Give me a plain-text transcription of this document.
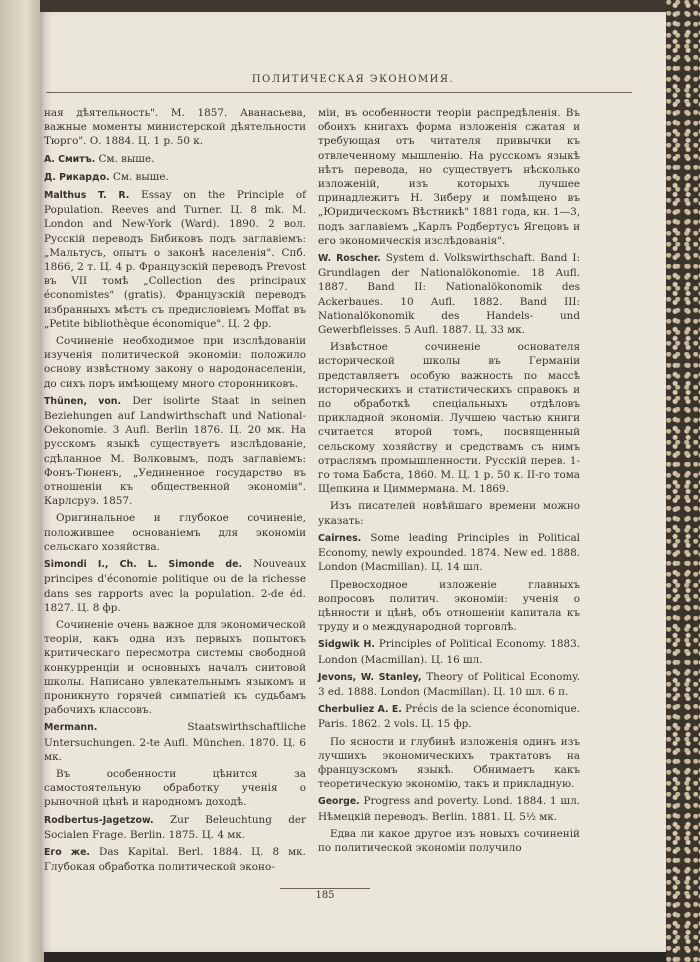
ПОЛИТИЧЕСКАЯ ЭКОНОМИЯ.
ная дѣятельность". М. 1857. Аванасьева, важные моменты министерской дѣятельности Тюрго". О. 1884. Ц. 1 р. 50 к.
А. Смитъ. См. выше.
Д. Рикардо. См. выше.
Malthus T. R. Essay on the Principle of Population. Reeves and Turner. Ц. 8 mk. M. London and New-York (Ward). 1890. 2 вол. Русскій переводъ Бибиковъ подъ заглавіемъ: „Мальтусъ, опытъ о законѣ населенія". Спб. 1866, 2 т. Ц. 4 р. Французскій переводъ Prevost въ VII томѣ „Collection des principaux économistes" (gratis). Французскій переводъ избранныхъ мѣстъ съ предисловіемъ Moffat въ „Petite bibliothèque économique". Ц. 2 фр.
Сочиненіе необходимое при изслѣдованіи изученія политической экономіи: положило основу извѣстному закону о народонаселеніи, до сихъ поръ имѣющему много сторонниковъ.
Thünen, von. Der isolirte Staat in seinen Beziehungen auf Landwirthschaft und National-Oekonomie. 3 Aufl. Berlin 1876. Ц. 20 мк. На русскомъ языкѣ существуетъ изслѣдованіе, сдѣланное М. Волковымъ, подъ заглавіемъ: Фонъ-Тюненъ, „Уединенное государство въ отношеніи къ общественной экономіи". Карлсруэ. 1857.
Оригинальное и глубокое сочиненіе, положившее основаніемъ для экономіи сельскаго хозяйства.
Simondi I., Ch. L. Simonde de. Nouveaux principes d'économie politique ou de la richesse dans ses rapports avec la population. 2-de éd. 1827. Ц. 8 фр.
Сочиненіе очень важное для экономической теоріи, какъ одна изъ первыхъ попытокъ критическаго пересмотра системы свободной конкурренціи и основныхъ началъ сиитовой школы. Написано увлекательнымъ языкомъ и проникнуто горячей симпатіей къ судьбамъ рабочихъ классовъ.
Mermann.	Staatswirthschaftliche Untersuchungen. 2-te Aufl. München. 1870. Ц. 6 мк.
Въ особенности цѣнится за самостоятельную обработку ученія о рыночной цѣнѣ и народномъ доходѣ.
Rodbertus-Jagetzow. Zur Beleuchtung der Socialen Frage. Berlin. 1875. Ц. 4 мк.
Его же. Das Kapital. Berl. 1884. Ц. 8 мк. Глубокая обработка политической эконо-
міи, въ особенности теоріи распредѣленія. Въ обоихъ книгахъ форма изложенія сжатая и требующая отъ читателя привычки къ отвлеченному мышленію. На русскомъ языкѣ нѣтъ перевода, но существуетъ нѣсколько изложеній, изъ которыхъ лучшее принадлежитъ Н. Зиберу и помѣщено въ „Юридическомъ Вѣстникѣ" 1881 года, кн. 1—3, подъ заглавіемъ „Карлъ Родбертусъ Ягецовъ и его экономическія изслѣдованія".
W. Roscher. System d. Volkswirthschaft. Band I: Grundlagen der Nationalökonomie. 18 Aufl. 1887. Band II: Nationalökonomik des Ackerbaues. 10 Aufl. 1882. Band III: Nationalökonomik des Handels- und Gewerbfleisses. 5 Aufl. 1887. Ц. 33 мк.
Извѣстное сочиненіе основателя исторической школы въ Германіи представляетъ особую важность по массѣ историческихъ и статистическихъ справокъ и по обработкѣ спеціальныхъ отдѣловъ прикладной экономіи. Лучшею частью книги считается второй томъ, посвященный сельскому хозяйству и средствамъ съ нимъ отраслямъ промышленности. Русскій перев. 1-го тома Бабста, 1860. М. Ц. 1 р. 50 к. II-го тома Щепкина и Циммермана. М. 1869.
Изъ писателей новѣйшаго времени можно указать:
Cairnes. Some leading Principles in Political Economy, newly expounded. 1874. New ed. 1888. London (Macmillan). Ц. 14 шл.
Превосходное изложеніе главныхъ вопросовъ политич. экономіи: ученія о цѣнности и цѣнѣ, объ отношеніи капитала къ труду и о международной торговлѣ.
Sidgwik H. Principles of Political Economy. 1883. London (Macmillan). Ц. 16 шл.
Jevons, W. Stanley, Theory of Political Economy. 3 ed. 1888. London (Macmillan). Ц. 10 шл. 6 п.
Cherbuliez A. E. Précis de la science économique. Paris. 1862. 2 vols. Ц. 15 фр.
По ясности и глубинѣ изложенія одинъ изъ лучшихъ экономическихъ трактатовъ на французскомъ языкѣ. Обнимаетъ какъ теоретическую экономію, такъ и прикладную.
George. Progress and poverty. Lond. 1884. 1 шл. Нѣмецкій переводъ. Berlin. 1881. Ц. 5½ мк.
Едва ли какое другое изъ новыхъ сочиненій по политической экономіи получило
185
